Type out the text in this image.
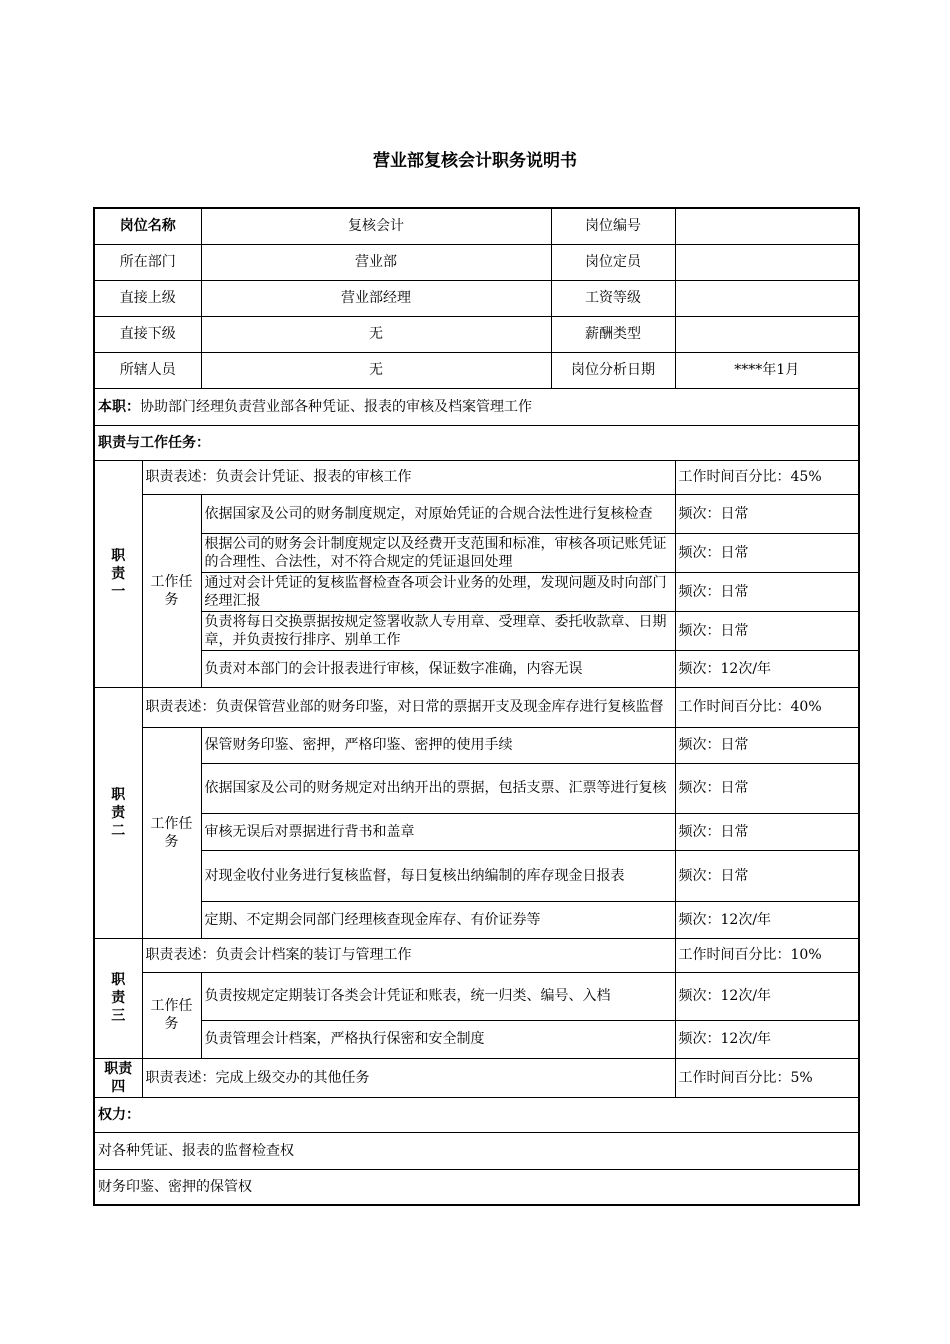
营业部复核会计职务说明书
岗位名称		复核会计	岗位编号	
所在部门		营业部	岗位定员	
直接上级		营业部经理	工资等级	
直接下级		无	薪酬类型	
所辖人员		无	岗位分析日期	****年1月
本职：协助部门经理负责营业部各种凭证、报表的审核及档案管理工作				
职责与工作任务：				

职
责
一	职责表述：负责会计凭证、报表的审核工作			工作时间百分比：45%
	工作任务	依据国家及公司的财务制度规定，对原始凭证的合规合法性进行复核检查		频次：日常
		根据公司的财务会计制度规定以及经费开支范围和标准，审核各项记账凭证的合理性、合法性，对不符合规定的凭证退回处理		频次：日常
		通过对会计凭证的复核监督检查各项会计业务的处理，发现问题及时向部门经理汇报		频次：日常
		负责将每日交换票据按规定签署收款人专用章、受理章、委托收款章、日期章，并负责按行排序、别单工作		频次：日常
		负责对本部门的会计报表进行审核，保证数字准确，内容无误		频次：12次/年

职
责
二	职责表述：负责保管营业部的财务印鉴，对日常的票据开支及现金库存进行复核监督			工作时间百分比：40%
	工作任务	保管财务印鉴、密押，严格印鉴、密押的使用手续		频次：日常
		依据国家及公司的财务规定对出纳开出的票据，包括支票、汇票等进行复核		频次：日常
		审核无误后对票据进行背书和盖章		频次：日常
		对现金收付业务进行复核监督，每日复核出纳编制的库存现金日报表		频次：日常
		定期、不定期会同部门经理核查现金库存、有价证券等		频次：12次/年

职
责
三	职责表述：负责会计档案的装订与管理工作			工作时间百分比：10%
	工作任务	负责按规定定期装订各类会计凭证和账表，统一归类、编号、入档		频次：12次/年
		负责管理会计档案，严格执行保密和安全制度		频次：12次/年

职责
四	职责表述：完成上级交办的其他任务			工作时间百分比：5%
权力：				
对各种凭证、报表的监督检查权				
财务印鉴、密押的保管权				
